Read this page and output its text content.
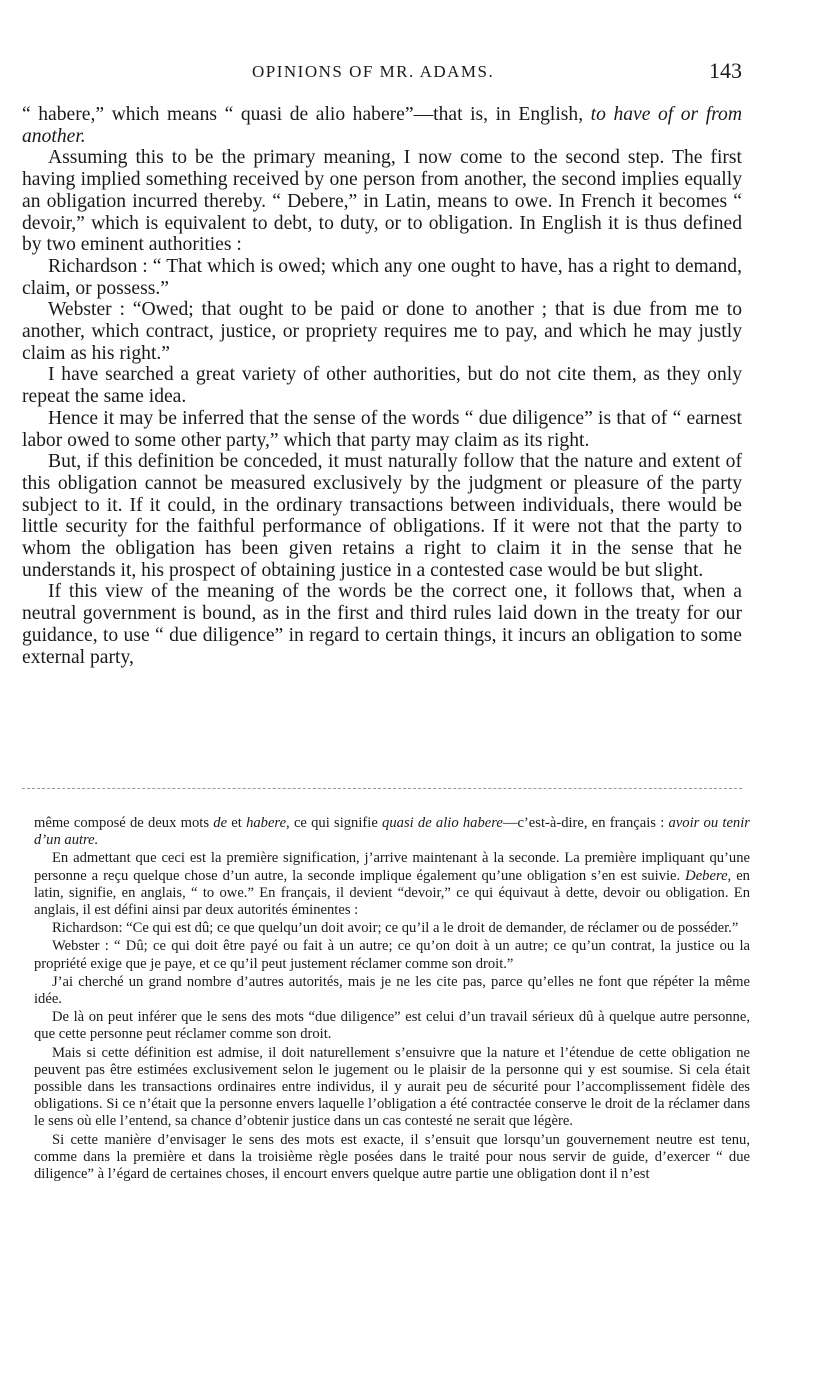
OPINIONS OF MR. ADAMS.	143

“ habere,” which means “ quasi de alio habere”—that is, in English, to have of or from another.

Assuming this to be the primary meaning, I now come to the second step. The first having implied something received by one person from another, the second implies equally an obligation incurred thereby. “ Debere,” in Latin, means to owe. In French it becomes “ devoir,” which is equivalent to debt, to duty, or to obligation. In English it is thus defined by two eminent authorities :

Richardson : “ That which is owed; which any one ought to have, has a right to demand, claim, or possess.”

Webster : “Owed; that ought to be paid or done to another ; that is due from me to another, which contract, justice, or propriety requires me to pay, and which he may justly claim as his right.”

I have searched a great variety of other authorities, but do not cite them, as they only repeat the same idea.

Hence it may be inferred that the sense of the words “ due diligence” is that of “ earnest labor owed to some other party,” which that party may claim as its right.

But, if this definition be conceded, it must naturally follow that the nature and extent of this obligation cannot be measured exclusively by the judgment or pleasure of the party subject to it. If it could, in the ordinary transactions between individuals, there would be little security for the faithful performance of obligations. If it were not that the party to whom the obligation has been given retains a right to claim it in the sense that he understands it, his prospect of obtaining justice in a contested case would be but slight.

If this view of the meaning of the words be the correct one, it follows that, when a neutral government is bound, as in the first and third rules laid down in the treaty for our guidance, to use “ due diligence” in regard to certain things, it incurs an obligation to some external party,

même composé de deux mots de et habere, ce qui signifie quasi de alio habere—c’est-à-dire, en français : avoir ou tenir d’un autre.

En admettant que ceci est la première signification, j’arrive maintenant à la seconde. La première impliquant qu’une personne a reçu quelque chose d’un autre, la seconde implique également qu’une obligation s’en est suivie. Debere, en latin, signifie, en anglais, “ to owe.” En français, il devient “devoir,” ce qui équivaut à dette, devoir ou obligation. En anglais, il est défini ainsi par deux autorités éminentes :

Richardson: “Ce qui est dû; ce que quelqu’un doit avoir; ce qu’il a le droit de demander, de réclamer ou de posséder.”

Webster : “ Dû; ce qui doit être payé ou fait à un autre; ce qu’on doit à un autre; ce qu’un contrat, la justice ou la propriété exige que je paye, et ce qu’il peut justement réclamer comme son droit.”

J’ai cherché un grand nombre d’autres autorités, mais je ne les cite pas, parce qu’elles ne font que répéter la même idée.

De là on peut inférer que le sens des mots “due diligence” est celui d’un travail sérieux dû à quelque autre personne, que cette personne peut réclamer comme son droit.

Mais si cette définition est admise, il doit naturellement s’ensuivre que la nature et l’étendue de cette obligation ne peuvent pas être estimées exclusivement selon le jugement ou le plaisir de la personne qui y est soumise. Si cela était possible dans les transactions ordinaires entre individus, il y aurait peu de sécurité pour l’accomplissement fidèle des obligations. Si ce n’était que la personne envers laquelle l’obligation a été contractée conserve le droit de la réclamer dans le sens où elle l’entend, sa chance d’obtenir justice dans un cas contesté ne serait que légère.

Si cette manière d’envisager le sens des mots est exacte, il s’ensuit que lorsqu’un gouvernement neutre est tenu, comme dans la première et dans la troisième règle posées dans le traité pour nous servir de guide, d’exercer “ due diligence” à l’égard de certaines choses, il encourt envers quelque autre partie une obligation dont il n’est
